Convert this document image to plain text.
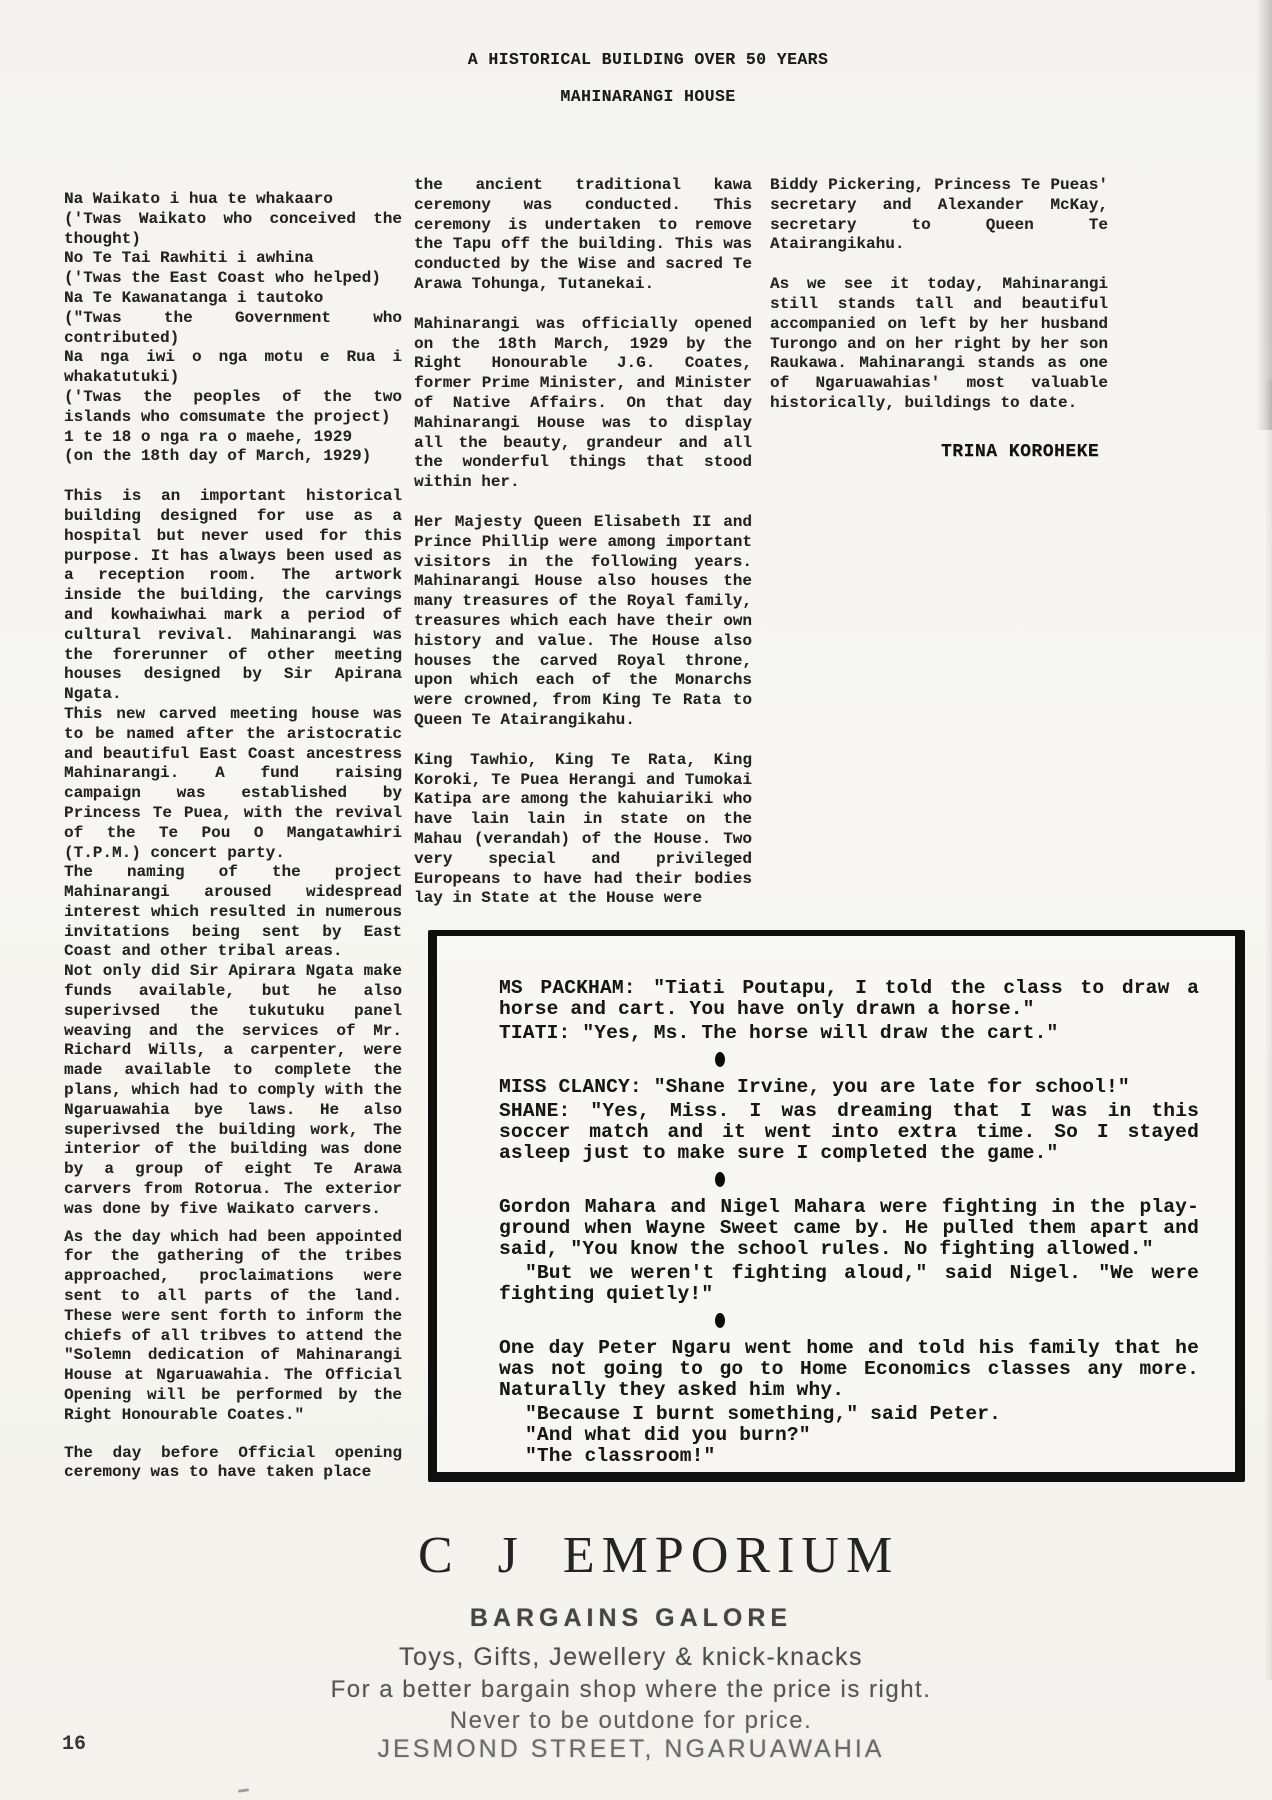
A HISTORICAL BUILDING OVER 50 YEARS
MAHINARANGI HOUSE
Na Waikato i hua te whakaaro
('Twas Waikato who conceived the thought)
No Te Tai Rawhiti i awhina
('Twas the East Coast who helped)
Na Te Kawanatanga i tautoko
("Twas the Government who contributed)
Na nga iwi o nga motu e Rua i whakatutuki)
('Twas the peoples of the two islands who comsumate the project)
1 te 18 o nga ra o maehe, 1929
(on the 18th day of March, 1929)

This is an important historical building designed for use as a hospital but never used for this purpose. It has always been used as a reception room. The artwork inside the building, the carvings and kowhaiwhai mark a period of cultural revival. Mahinarangi was the forerunner of other meeting houses designed by Sir Apirana Ngata.

This new carved meeting house was to be named after the aristocratic and beautiful East Coast ancestress Mahinarangi. A fund raising campaign was established by Princess Te Puea, with the revival of the Te Pou O Mangatawhiri (T.P.M.) concert party.

The naming of the project Mahinarangi aroused widespread interest which resulted in numerous invitations being sent by East Coast and other tribal areas.

Not only did Sir Apirara Ngata make funds available, but he also superivsed the tukutuku panel weaving and the services of Mr. Richard Wills, a carpenter, were made available to complete the plans, which had to comply with the Ngaruawahia bye laws. He also superivsed the building work, The interior of the building was done by a group of eight Te Arawa carvers from Rotorua. The exterior was done by five Waikato carvers.

As the day which had been appointed for the gathering of the tribes approached, proclaimations were sent to all parts of the land. These were sent forth to inform the chiefs of all tribves to attend the "Solemn dedication of Mahinarangi House at Ngaruawahia. The Official Opening will be performed by the Right Honourable Coates."

The day before Official opening ceremony was to have taken place

the ancient traditional kawa ceremony was conducted. This ceremony is undertaken to remove the Tapu off the building. This was conducted by the Wise and sacred Te Arawa Tohunga, Tutanekai.

Mahinarangi was officially opened on the 18th March, 1929 by the Right Honourable J.G. Coates, former Prime Minister, and Minister of Native Affairs. On that day Mahinarangi House was to display all the beauty, grandeur and all the wonderful things that stood within her.

Her Majesty Queen Elisabeth II and Prince Phillip were among important visitors in the following years. Mahinarangi House also houses the many treasures of the Royal family, treasures which each have their own history and value. The House also houses the carved Royal throne, upon which each of the Monarchs were crowned, from King Te Rata to Queen Te Atairangikahu.

King Tawhio, King Te Rata, King Koroki, Te Puea Herangi and Tumokai Katipa are among the kahuiariki who have lain lain in state on the Mahau (verandah) of the House. Two very special and privileged Europeans to have had their bodies lay in State at the House were

Biddy Pickering, Princess Te Pueas' secretary and Alexander McKay, secretary to Queen Te Atairangikahu.

As we see it today, Mahinarangi still stands tall and beautiful accompanied on left by her husband Turongo and on her right by her son Raukawa. Mahinarangi stands as one of Ngaruawahias' most valuable historically, buildings to date.

TRINA KOROHEKE
MS PACKHAM: "Tiati Poutapu, I told the class to draw a horse and cart. You have only drawn a horse."
TIATI: "Yes, Ms. The horse will draw the cart."
MISS CLANCY: "Shane Irvine, you are late for school!"
SHANE: "Yes, Miss. I was dreaming that I was in this soccer match and it went into extra time. So I stayed asleep just to make sure I completed the game."
Gordon Mahara and Nigel Mahara were fighting in the play-ground when Wayne Sweet came by. He pulled them apart and said, "You know the school rules. No fighting allowed."
"But we weren't fighting aloud," said Nigel. "We were fighting quietly!"
One day Peter Ngaru went home and told his family that he was not going to go to Home Economics classes any more. Naturally they asked him why.
"Because I burnt something," said Peter.
"And what did you burn?"
"The classroom!"
C J EMPORIUM
BARGAINS GALORE
Toys, Gifts, Jewellery & knick-knacks
For a better bargain shop where the price is right.
Never to be outdone for price.
JESMOND STREET, NGARUAWAHIA
16
